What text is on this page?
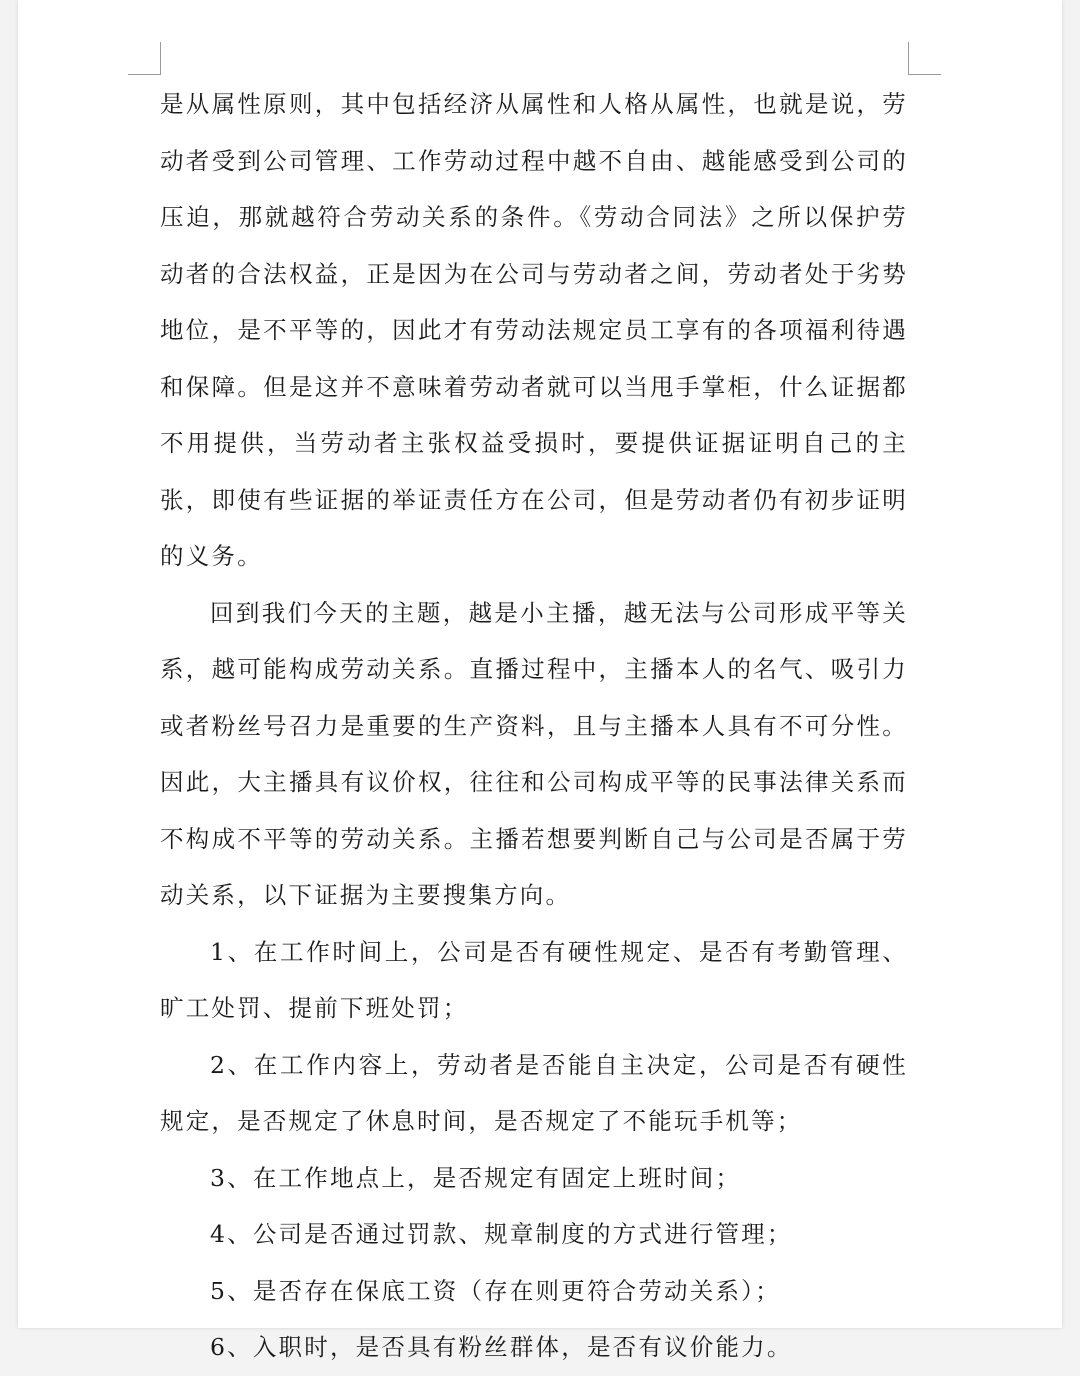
是从属性原则，其中包括经济从属性和人格从属性，也就是说，劳动者受到公司管理、工作劳动过程中越不自由、越能感受到公司的压迫，那就越符合劳动关系的条件。《劳动合同法》之所以保护劳动者的合法权益，正是因为在公司与劳动者之间，劳动者处于劣势地位，是不平等的，因此才有劳动法规定员工享有的各项福利待遇和保障。但是这并不意味着劳动者就可以当甩手掌柜，什么证据都不用提供，当劳动者主张权益受损时，要提供证据证明自己的主张，即使有些证据的举证责任方在公司，但是劳动者仍有初步证明的义务。

回到我们今天的主题，越是小主播，越无法与公司形成平等关系，越可能构成劳动关系。直播过程中，主播本人的名气、吸引力或者粉丝号召力是重要的生产资料，且与主播本人具有不可分性。因此，大主播具有议价权，往往和公司构成平等的民事法律关系而不构成不平等的劳动关系。主播若想要判断自己与公司是否属于劳动关系，以下证据为主要搜集方向。

1、在工作时间上，公司是否有硬性规定、是否有考勤管理、旷工处罚、提前下班处罚；

2、在工作内容上，劳动者是否能自主决定，公司是否有硬性规定，是否规定了休息时间，是否规定了不能玩手机等；

3、在工作地点上，是否规定有固定上班时间；

4、公司是否通过罚款、规章制度的方式进行管理；

5、是否存在保底工资（存在则更符合劳动关系）；

6、入职时，是否具有粉丝群体，是否有议价能力。
